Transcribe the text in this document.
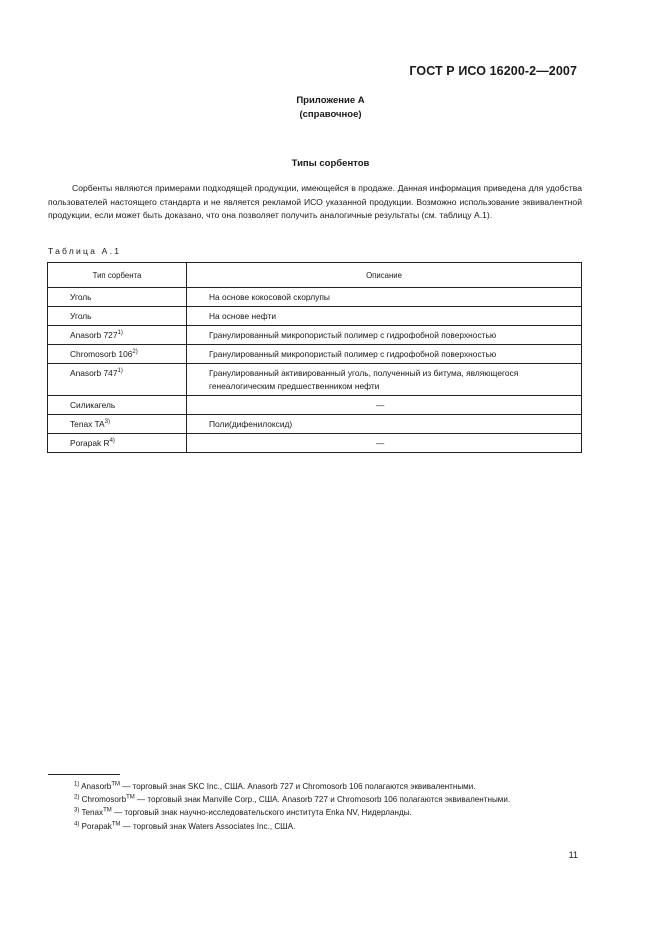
ГОСТ Р ИСО 16200-2—2007
Приложение А
(справочное)
Типы сорбентов
Сорбенты являются примерами подходящей продукции, имеющейся в продаже. Данная информация приведена для удобства пользователей настоящего стандарта и не является рекламой ИСО указанной продукции. Возможно использование эквивалентной продукции, если может быть доказано, что она позволяет получить аналогичные результаты (см. таблицу А.1).
Таблица А.1
Тип сорбента	Описание
Уголь	На основе кокосовой скорлупы
Уголь	На основе нефти
Anasorb 727$^{1)}$	Гранулированный микропористый полимер с гидрофобной поверхностью
Chromosorb 106$^{2)}$	Гранулированный микропористый полимер с гидрофобной поверхностью
Anasorb 747$^{1)}$	Гранулированный активированный уголь, полученный из битума, являющегося генеалогическим предшественником нефти
Силикагель	—
Tenax TA$^{3)}$	Поли(дифенилоксид)
Porapak $R^{4)}$	—

$^{1)}$ Anasorb™ — торговый знак SKC Inc., США. Anasorb 727 и Chromosorb 106 полагаются эквивалентными.

$^{2)}$ Chromosorb™ — торговый знак Manville Corp., США. Anasorb 727 и Chromosorb 106 полагаются эквивалентными.

$^{3)}$ Tenax™ — торговый знак научно-исследовательского института Enka NV, Нидерланды.

$^{4)}$ Porapak™ — торговый знак Waters Associates Inc., США.

11
